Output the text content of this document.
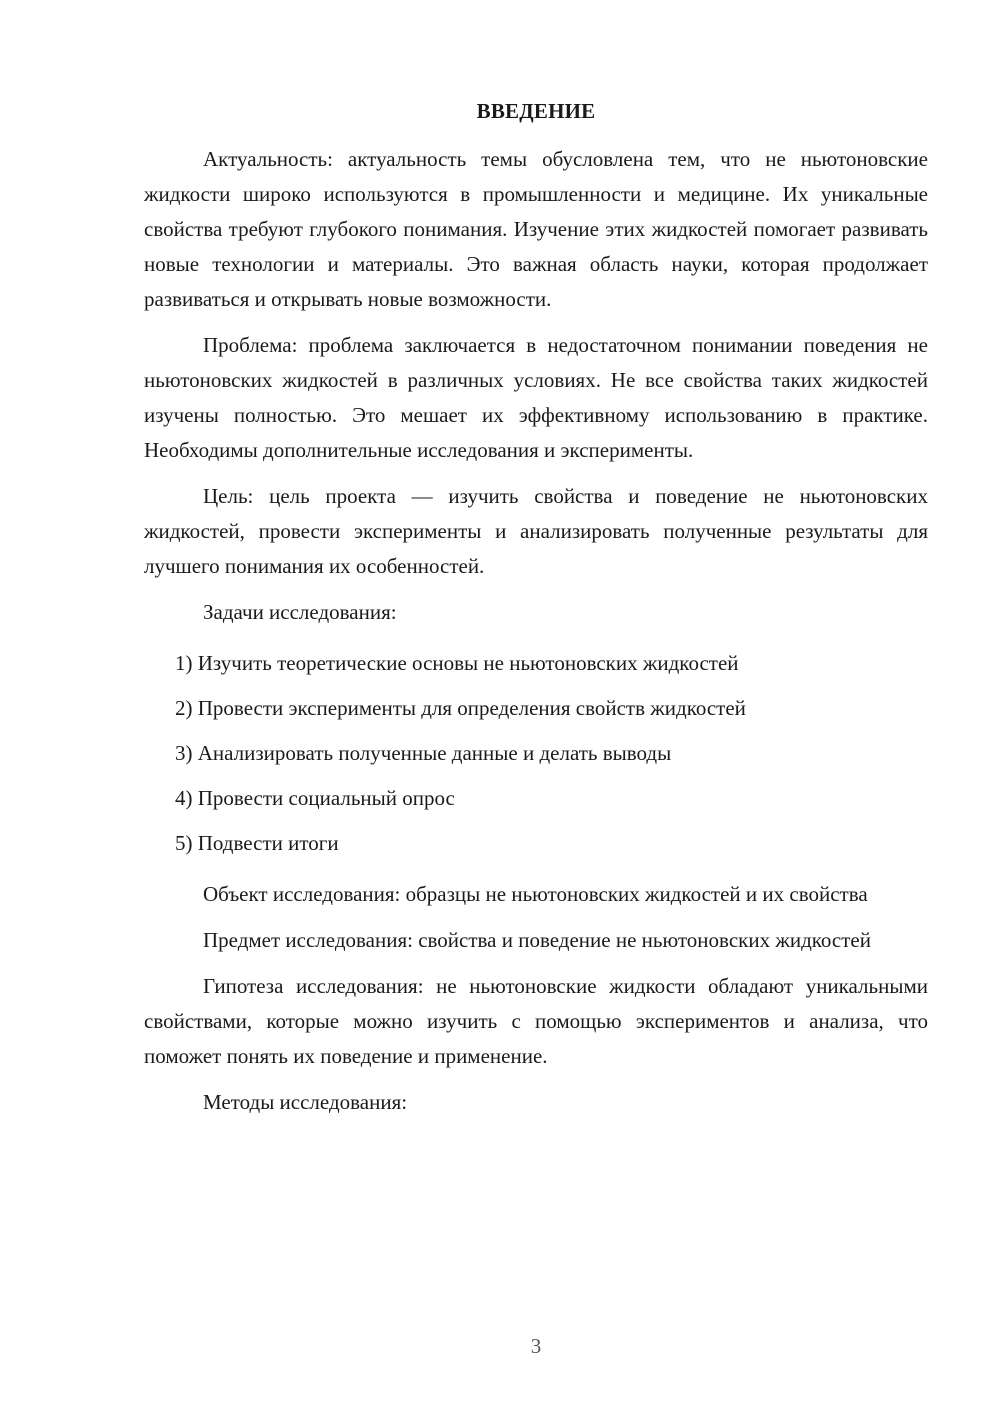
ВВЕДЕНИЕ

Актуальность: актуальность темы обусловлена тем, что не ньютоновские жидкости широко используются в промышленности и медицине. Их уникальные свойства требуют глубокого понимания. Изучение этих жидкостей помогает развивать новые технологии и материалы. Это важная область науки, которая продолжает развиваться и открывать новые возможности.

Проблема: проблема заключается в недостаточном понимании поведения не ньютоновских жидкостей в различных условиях. Не все свойства таких жидкостей изучены полностью. Это мешает их эффективному использованию в практике. Необходимы дополнительные исследования и эксперименты.

Цель: цель проекта — изучить свойства и поведение не ньютоновских жидкостей, провести эксперименты и анализировать полученные результаты для лучшего понимания их особенностей.

Задачи исследования:

1) Изучить теоретические основы не ньютоновских жидкостей
2) Провести эксперименты для определения свойств жидкостей
3) Анализировать полученные данные и делать выводы
4) Провести социальный опрос
5) Подвести итоги

Объект исследования: образцы не ньютоновских жидкостей и их свойства

Предмет исследования: свойства и поведение не ньютоновских жидкостей

Гипотеза исследования: не ньютоновские жидкости обладают уникальными свойствами, которые можно изучить с помощью экспериментов и анализа, что поможет понять их поведение и применение.

Методы исследования:

3
